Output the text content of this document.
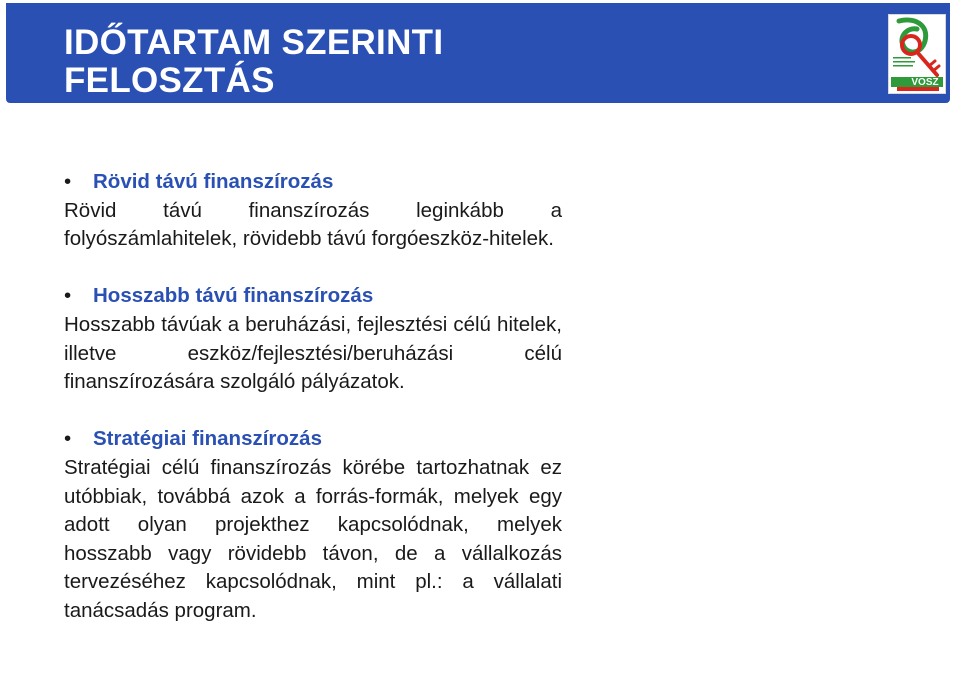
IDŐTARTAM SZERINTI
FELOSZTÁS	VOSZ
• Rövid távú finanszírozás
Rövid távú finanszírozás leginkább a folyószámlahitelek, rövidebb távú forgóeszköz-hitelek.
• Hosszabb távú finanszírozás
Hosszabb távúak a beruházási, fejlesztési célú hitelek, illetve eszköz/fejlesztési/beruházási célú finanszírozására szolgáló pályázatok.
• Stratégiai finanszírozás
Stratégiai célú finanszírozás körébe tartozhatnak ez utóbbiak, továbbá azok a forrás-formák, melyek egy adott olyan projekthez kapcsolódnak, melyek hosszabb vagy rövidebb távon, de a vállalkozás tervezéséhez kapcsolódnak, mint pl.: a vállalati tanácsadás program.
